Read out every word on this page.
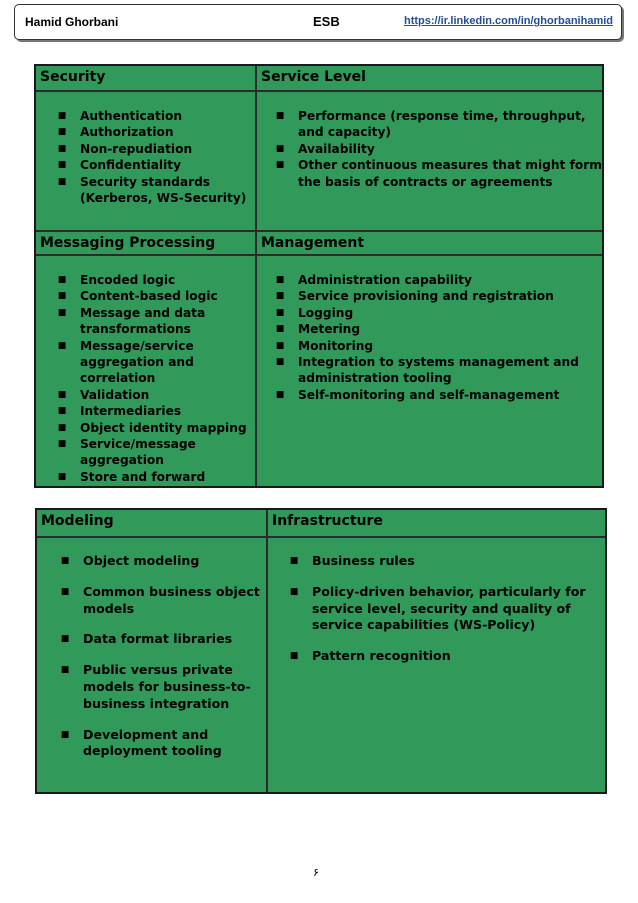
Hamid Ghorbani	ESB	https://ir.linkedin.com/in/ghorbanihamid
Security
■ Authentication
■ Authorization
■ Non-repudiation
■ Confidentiality
■ Security standards
(Kerberos, WS-Security)
Service Level
■ Performance (response time, throughput,
and capacity)
■ Availability
■ Other continuous measures that might form
the basis of contracts or agreements
Messaging Processing
■ Encoded logic
■ Content-based logic
■ Message and data
transformations
■ Message/service
aggregation and
correlation
■ Validation
■ Intermediaries
■ Object identity mapping
■ Service/message
aggregation
■ Store and forward
Management
■ Administration capability
■ Service provisioning and registration
■ Logging
■ Metering
■ Monitoring
■ Integration to systems management and
administration tooling
■ Self-monitoring and self-management
Modeling
■ Object modeling
■ Common business object
models
■ Data format libraries
■ Public versus private
models for business-to-
business integration
■ Development and
deployment tooling
Infrastructure
■ Business rules
■ Policy-driven behavior, particularly for
service level, security and quality of
service capabilities (WS-Policy)
■ Pattern recognition
۶
